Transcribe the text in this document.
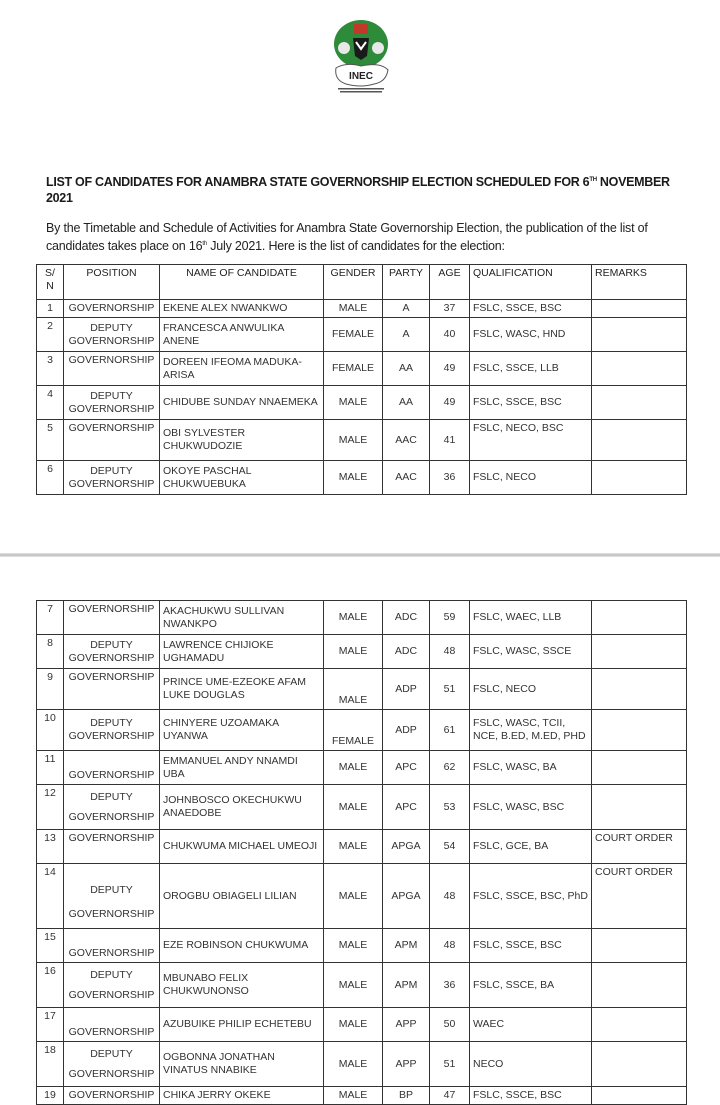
INEC
LIST OF CANDIDATES FOR ANAMBRA STATE GOVERNORSHIP ELECTION SCHEDULED FOR 6TH NOVEMBER 2021
By the Timetable and Schedule of Activities for Anambra State Governorship Election, the publication of the list of candidates takes place on 16th July 2021. Here is the list of candidates for the election:
S/ N	POSITION	NAME OF CANDIDATE	GENDER	PARTY	AGE	QUALIFICATION	REMARKS
1	GOVERNORSHIP	EKENE ALEX NWANKWO	MALE	A	37	FSLC, SSCE, BSC	
2	DEPUTY GOVERNORSHIP	FRANCESCA ANWULIKA ANENE	FEMALE	A	40	FSLC, WASC, HND	
3	GOVERNORSHIP	DOREEN IFEOMA MADUKA-ARISA	FEMALE	AA	49	FSLC, SSCE, LLB	
4	DEPUTY GOVERNORSHIP	CHIDUBE SUNDAY NNAEMEKA	MALE	AA	49	FSLC, SSCE, BSC	
5	GOVERNORSHIP	OBI SYLVESTER CHUKWUDOZIE	MALE	AAC	41	FSLC, NECO, BSC	
6	DEPUTY GOVERNORSHIP	OKOYE PASCHAL CHUKWUEBUKA	MALE	AAC	36	FSLC, NECO	
7	GOVERNORSHIP	AKACHUKWU SULLIVAN NWANKPO	MALE	ADC	59	FSLC, WAEC, LLB	
8	DEPUTY GOVERNORSHIP	LAWRENCE CHIJIOKE UGHAMADU	MALE	ADC	48	FSLC, WASC, SSCE	
9	GOVERNORSHIP	PRINCE UME-EZEOKE AFAM LUKE DOUGLAS	MALE	ADP	51	FSLC, NECO	
10	DEPUTY GOVERNORSHIP	CHINYERE UZOAMAKA UYANWA	FEMALE	ADP	61	FSLC, WASC, TCII, NCE, B.ED, M.ED, PHD	
11	GOVERNORSHIP	EMMANUEL ANDY NNAMDI UBA	MALE	APC	62	FSLC, WASC, BA	
12	DEPUTY GOVERNORSHIP	JOHNBOSCO OKECHUKWU ANAEDOBE	MALE	APC	53	FSLC, WASC, BSC	
13	GOVERNORSHIP	CHUKWUMA MICHAEL UMEOJI	MALE	APGA	54	FSLC, GCE, BA	COURT ORDER
14	DEPUTY GOVERNORSHIP	OROGBU OBIAGELI LILIAN	MALE	APGA	48	FSLC, SSCE, BSC, PhD	COURT ORDER
15	GOVERNORSHIP	EZE ROBINSON CHUKWUMA	MALE	APM	48	FSLC, SSCE, BSC	
16	DEPUTY GOVERNORSHIP	MBUNABO FELIX CHUKWUNONSO	MALE	APM	36	FSLC, SSCE, BA	
17	GOVERNORSHIP	AZUBUIKE PHILIP ECHETEBU	MALE	APP	50	WAEC	
18	DEPUTY GOVERNORSHIP	OGBONNA JONATHAN VINATUS NNABIKE	MALE	APP	51	NECO	
19	GOVERNORSHIP	CHIKA JERRY OKEKE	MALE	BP	47	FSLC, SSCE, BSC	
